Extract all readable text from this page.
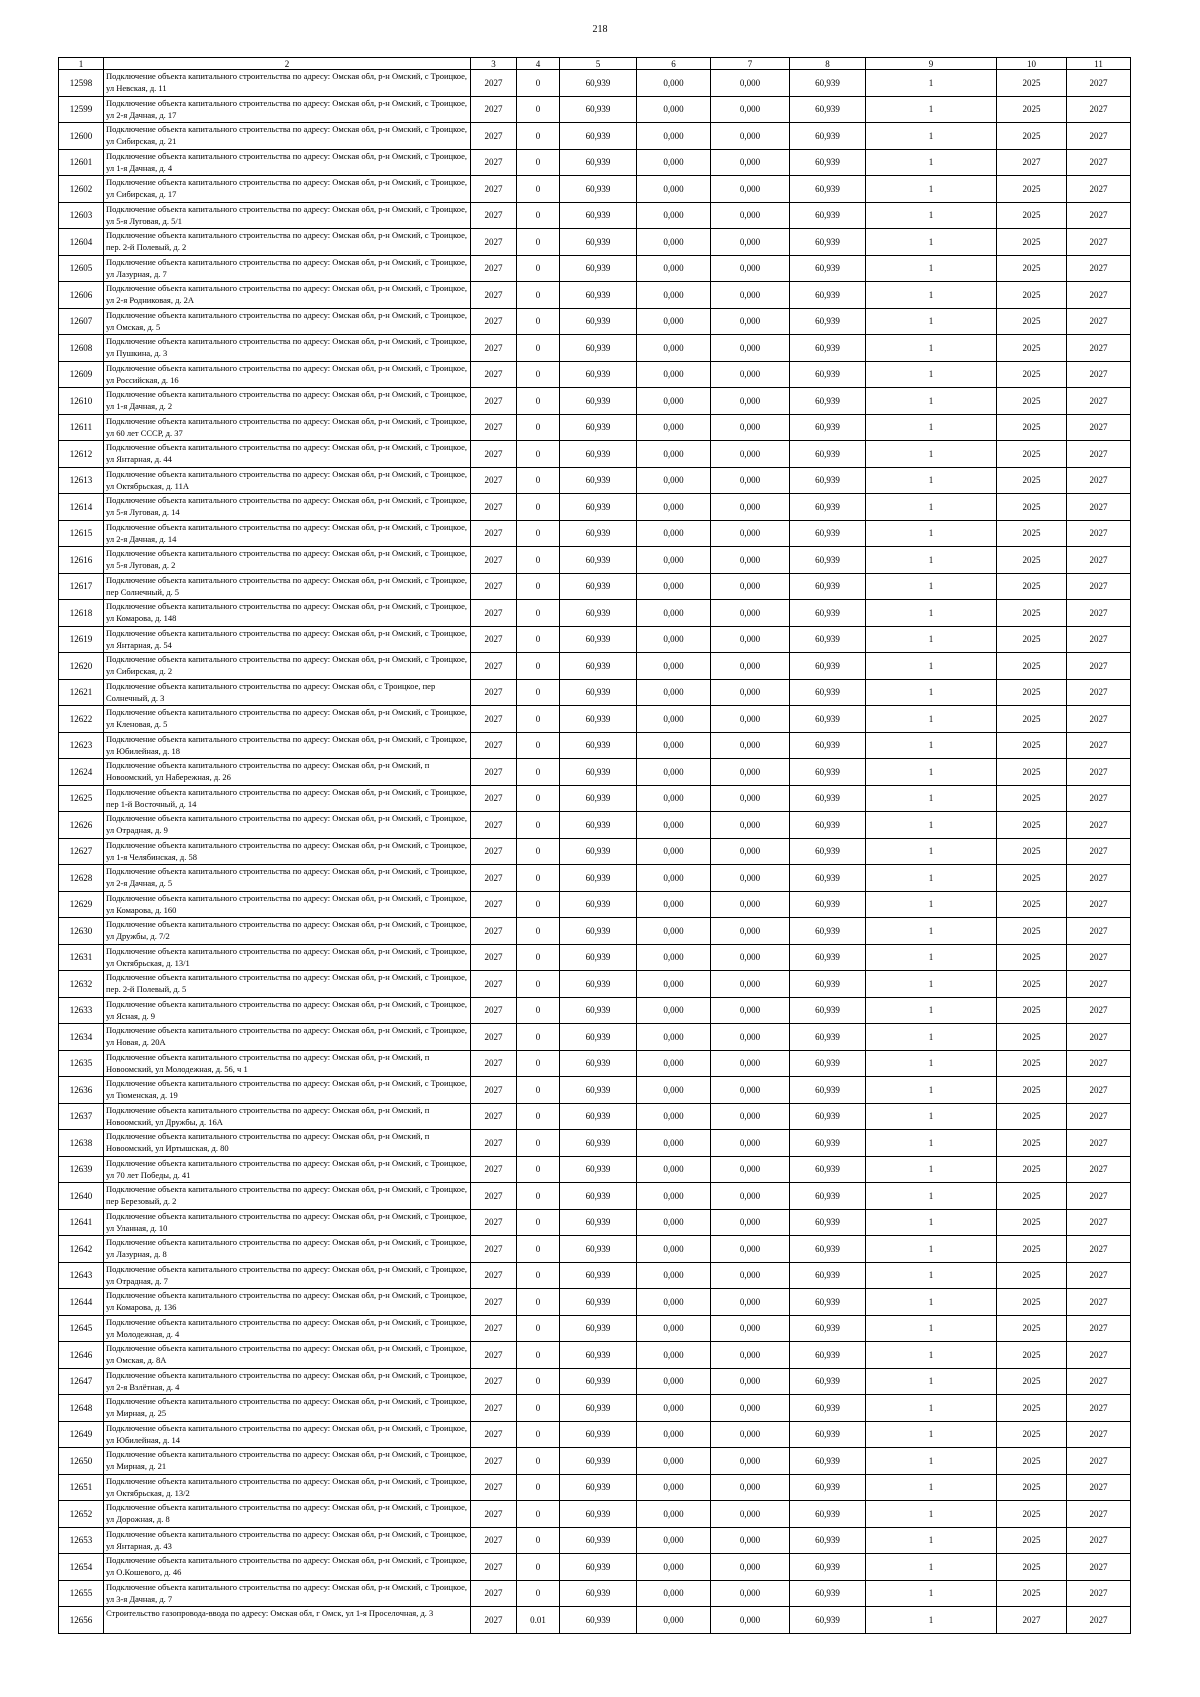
218
1	2	3	4	5	6	7	8	9	10	11
12598	Подключение объекта капитального строительства по адресу: Омская обл, р-н Омский, с Троицкое, ул Невская, д. 11	2027	0	60,939	0,000	0,000	60,939	1	2025	2027
12599	Подключение объекта капитального строительства по адресу: Омская обл, р-н Омский, с Троицкое, ул 2-я Дачная, д. 17	2027	0	60,939	0,000	0,000	60,939	1	2025	2027
12600	Подключение объекта капитального строительства по адресу: Омская обл, р-н Омский, с Троицкое, ул Сибирская, д. 21	2027	0	60,939	0,000	0,000	60,939	1	2025	2027
12601	Подключение объекта капитального строительства по адресу: Омская обл, р-н Омский, с Троицкое, ул 1-я Дачная, д. 4	2027	0	60,939	0,000	0,000	60,939	1	2027	2027
12602	Подключение объекта капитального строительства по адресу: Омская обл, р-н Омский, с Троицкое, ул Сибирская, д. 17	2027	0	60,939	0,000	0,000	60,939	1	2025	2027
12603	Подключение объекта капитального строительства по адресу: Омская обл, р-н Омский, с Троицкое, ул 5-я Луговая, д. 5/1	2027	0	60,939	0,000	0,000	60,939	1	2025	2027
12604	Подключение объекта капитального строительства по адресу: Омская обл, р-н Омский, с Троицкое, пер. 2-й Полевый, д. 2	2027	0	60,939	0,000	0,000	60,939	1	2025	2027
12605	Подключение объекта капитального строительства по адресу: Омская обл, р-н Омский, с Троицкое, ул Лазурная, д. 7	2027	0	60,939	0,000	0,000	60,939	1	2025	2027
12606	Подключение объекта капитального строительства по адресу: Омская обл, р-н Омский, с Троицкое, ул 2-я Родниковая, д. 2А	2027	0	60,939	0,000	0,000	60,939	1	2025	2027
12607	Подключение объекта капитального строительства по адресу: Омская обл, р-н Омский, с Троицкое, ул Омская, д. 5	2027	0	60,939	0,000	0,000	60,939	1	2025	2027
12608	Подключение объекта капитального строительства по адресу: Омская обл, р-н Омский, с Троицкое, ул Пушкина, д. 3	2027	0	60,939	0,000	0,000	60,939	1	2025	2027
12609	Подключение объекта капитального строительства по адресу: Омская обл, р-н Омский, с Троицкое, ул Российская, д. 16	2027	0	60,939	0,000	0,000	60,939	1	2025	2027
12610	Подключение объекта капитального строительства по адресу: Омская обл, р-н Омский, с Троицкое, ул 1-я Дачная, д. 2	2027	0	60,939	0,000	0,000	60,939	1	2025	2027
12611	Подключение объекта капитального строительства по адресу: Омская обл, р-н Омский, с Троицкое, ул 60 лет СССР, д. 37	2027	0	60,939	0,000	0,000	60,939	1	2025	2027
12612	Подключение объекта капитального строительства по адресу: Омская обл, р-н Омский, с Троицкое, ул Янтарная, д. 44	2027	0	60,939	0,000	0,000	60,939	1	2025	2027
12613	Подключение объекта капитального строительства по адресу: Омская обл, р-н Омский, с Троицкое, ул Октябрьская, д. 11А	2027	0	60,939	0,000	0,000	60,939	1	2025	2027
12614	Подключение объекта капитального строительства по адресу: Омская обл, р-н Омский, с Троицкое, ул 5-я Луговая, д. 14	2027	0	60,939	0,000	0,000	60,939	1	2025	2027
12615	Подключение объекта капитального строительства по адресу: Омская обл, р-н Омский, с Троицкое, ул 2-я Дачная, д. 14	2027	0	60,939	0,000	0,000	60,939	1	2025	2027
12616	Подключение объекта капитального строительства по адресу: Омская обл, р-н Омский, с Троицкое, ул 5-я Луговая, д. 2	2027	0	60,939	0,000	0,000	60,939	1	2025	2027
12617	Подключение объекта капитального строительства по адресу: Омская обл, р-н Омский, с Троицкое, пер Солнечный, д. 5	2027	0	60,939	0,000	0,000	60,939	1	2025	2027
12618	Подключение объекта капитального строительства по адресу: Омская обл, р-н Омский, с Троицкое, ул Комарова, д. 148	2027	0	60,939	0,000	0,000	60,939	1	2025	2027
12619	Подключение объекта капитального строительства по адресу: Омская обл, р-н Омский, с Троицкое, ул Янтарная, д. 54	2027	0	60,939	0,000	0,000	60,939	1	2025	2027
12620	Подключение объекта капитального строительства по адресу: Омская обл, р-н Омский, с Троицкое, ул Сибирская, д. 2	2027	0	60,939	0,000	0,000	60,939	1	2025	2027
12621	Подключение объекта капитального строительства по адресу: Омская обл, с Троицкое, пер Солнечный, д. 3	2027	0	60,939	0,000	0,000	60,939	1	2025	2027
12622	Подключение объекта капитального строительства по адресу: Омская обл, р-н Омский, с Троицкое, ул Кленовая, д. 5	2027	0	60,939	0,000	0,000	60,939	1	2025	2027
12623	Подключение объекта капитального строительства по адресу: Омская обл, р-н Омский, с Троицкое, ул Юбилейная, д. 18	2027	0	60,939	0,000	0,000	60,939	1	2025	2027
12624	Подключение объекта капитального строительства по адресу: Омская обл, р-н Омский, п Новоомский, ул Набережная, д. 26	2027	0	60,939	0,000	0,000	60,939	1	2025	2027
12625	Подключение объекта капитального строительства по адресу: Омская обл, р-н Омский, с Троицкое, пер 1-й Восточный, д. 14	2027	0	60,939	0,000	0,000	60,939	1	2025	2027
12626	Подключение объекта капитального строительства по адресу: Омская обл, р-н Омский, с Троицкое, ул Отрадная, д. 9	2027	0	60,939	0,000	0,000	60,939	1	2025	2027
12627	Подключение объекта капитального строительства по адресу: Омская обл, р-н Омский, с Троицкое, ул 1-я Челябинская, д. 58	2027	0	60,939	0,000	0,000	60,939	1	2025	2027
12628	Подключение объекта капитального строительства по адресу: Омская обл, р-н Омский, с Троицкое, ул 2-я Дачная, д. 5	2027	0	60,939	0,000	0,000	60,939	1	2025	2027
12629	Подключение объекта капитального строительства по адресу: Омская обл, р-н Омский, с Троицкое, ул Комарова, д. 160	2027	0	60,939	0,000	0,000	60,939	1	2025	2027
12630	Подключение объекта капитального строительства по адресу: Омская обл, р-н Омский, с Троицкое, ул Дружбы, д. 7/2	2027	0	60,939	0,000	0,000	60,939	1	2025	2027
12631	Подключение объекта капитального строительства по адресу: Омская обл, р-н Омский, с Троицкое, ул Октябрьская, д. 13/1	2027	0	60,939	0,000	0,000	60,939	1	2025	2027
12632	Подключение объекта капитального строительства по адресу: Омская обл, р-н Омский, с Троицкое, пер. 2-й Полевый, д. 5	2027	0	60,939	0,000	0,000	60,939	1	2025	2027
12633	Подключение объекта капитального строительства по адресу: Омская обл, р-н Омский, с Троицкое, ул Ясная, д. 9	2027	0	60,939	0,000	0,000	60,939	1	2025	2027
12634	Подключение объекта капитального строительства по адресу: Омская обл, р-н Омский, с Троицкое, ул Новая, д. 20А	2027	0	60,939	0,000	0,000	60,939	1	2025	2027
12635	Подключение объекта капитального строительства по адресу: Омская обл, р-н Омский, п Новоомский, ул Молодежная, д. 56, ч 1	2027	0	60,939	0,000	0,000	60,939	1	2025	2027
12636	Подключение объекта капитального строительства по адресу: Омская обл, р-н Омский, с Троицкое, ул Тюменская, д. 19	2027	0	60,939	0,000	0,000	60,939	1	2025	2027
12637	Подключение объекта капитального строительства по адресу: Омская обл, р-н Омский, п Новоомский, ул Дружбы, д. 16А	2027	0	60,939	0,000	0,000	60,939	1	2025	2027
12638	Подключение объекта капитального строительства по адресу: Омская обл, р-н Омский, п Новоомский, ул Иртышская, д. 80	2027	0	60,939	0,000	0,000	60,939	1	2025	2027
12639	Подключение объекта капитального строительства по адресу: Омская обл, р-н Омский, с Троицкое, ул 70 лет Победы, д. 41	2027	0	60,939	0,000	0,000	60,939	1	2025	2027
12640	Подключение объекта капитального строительства по адресу: Омская обл, р-н Омский, с Троицкое, пер Березовый, д. 2	2027	0	60,939	0,000	0,000	60,939	1	2025	2027
12641	Подключение объекта капитального строительства по адресу: Омская обл, р-н Омский, с Троицкое, ул Уланная, д. 10	2027	0	60,939	0,000	0,000	60,939	1	2025	2027
12642	Подключение объекта капитального строительства по адресу: Омская обл, р-н Омский, с Троицкое, ул Лазурная, д. 8	2027	0	60,939	0,000	0,000	60,939	1	2025	2027
12643	Подключение объекта капитального строительства по адресу: Омская обл, р-н Омский, с Троицкое, ул Отрадная, д. 7	2027	0	60,939	0,000	0,000	60,939	1	2025	2027
12644	Подключение объекта капитального строительства по адресу: Омская обл, р-н Омский, с Троицкое, ул Комарова, д. 136	2027	0	60,939	0,000	0,000	60,939	1	2025	2027
12645	Подключение объекта капитального строительства по адресу: Омская обл, р-н Омский, с Троицкое, ул Молодежная, д. 4	2027	0	60,939	0,000	0,000	60,939	1	2025	2027
12646	Подключение объекта капитального строительства по адресу: Омская обл, р-н Омский, с Троицкое, ул Омская, д. 8А	2027	0	60,939	0,000	0,000	60,939	1	2025	2027
12647	Подключение объекта капитального строительства по адресу: Омская обл, р-н Омский, с Троицкое, ул 2-я Взлётная, д. 4	2027	0	60,939	0,000	0,000	60,939	1	2025	2027
12648	Подключение объекта капитального строительства по адресу: Омская обл, р-н Омский, с Троицкое, ул Мирная, д. 25	2027	0	60,939	0,000	0,000	60,939	1	2025	2027
12649	Подключение объекта капитального строительства по адресу: Омская обл, р-н Омский, с Троицкое, ул Юбилейная, д. 14	2027	0	60,939	0,000	0,000	60,939	1	2025	2027
12650	Подключение объекта капитального строительства по адресу: Омская обл, р-н Омский, с Троицкое, ул Мирная, д. 21	2027	0	60,939	0,000	0,000	60,939	1	2025	2027
12651	Подключение объекта капитального строительства по адресу: Омская обл, р-н Омский, с Троицкое, ул Октябрьская, д. 13/2	2027	0	60,939	0,000	0,000	60,939	1	2025	2027
12652	Подключение объекта капитального строительства по адресу: Омская обл, р-н Омский, с Троицкое, ул Дорожная, д. 8	2027	0	60,939	0,000	0,000	60,939	1	2025	2027
12653	Подключение объекта капитального строительства по адресу: Омская обл, р-н Омский, с Троицкое, ул Янтарная, д. 43	2027	0	60,939	0,000	0,000	60,939	1	2025	2027
12654	Подключение объекта капитального строительства по адресу: Омская обл, р-н Омский, с Троицкое, ул О.Кошевого, д. 46	2027	0	60,939	0,000	0,000	60,939	1	2025	2027
12655	Подключение объекта капитального строительства по адресу: Омская обл, р-н Омский, с Троицкое, ул 3-я Дачная, д. 7	2027	0	60,939	0,000	0,000	60,939	1	2025	2027
12656	Строительство газопровода-ввода по адресу: Омская обл, г Омск, ул 1-я Проселочная, д. 3	2027	0.01	60,939	0,000	0,000	60,939	1	2027	2027
